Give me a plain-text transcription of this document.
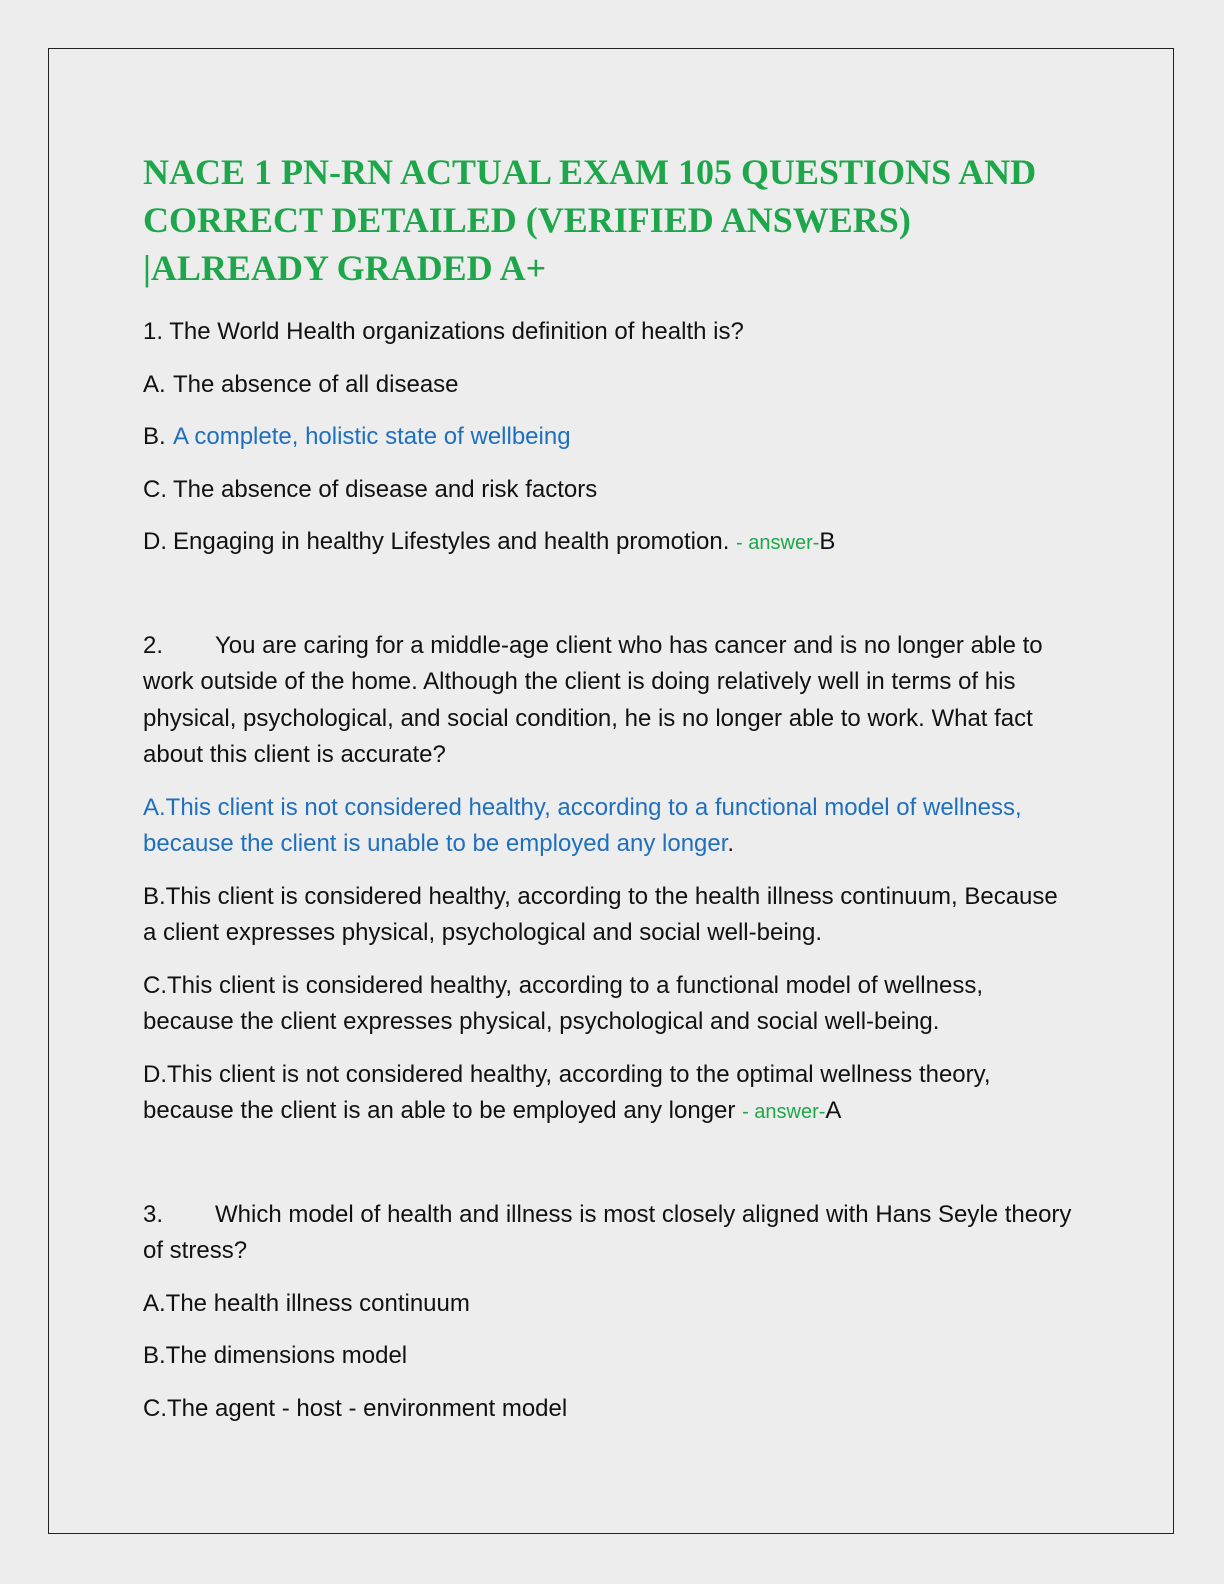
NACE 1 PN-RN ACTUAL EXAM 105 QUESTIONS AND
CORRECT DETAILED (VERIFIED ANSWERS)
|ALREADY GRADED A+

1. The World Health organizations definition of health is?

A. The absence of all disease

B. A complete, holistic state of wellbeing

C. The absence of disease and risk factors

D. Engaging in healthy Lifestyles and health promotion. - answer-B

2. You are caring for a middle-age client who has cancer and is no longer able to work outside of the home. Although the client is doing relatively well in terms of his physical, psychological, and social condition, he is no longer able to work. What fact about this client is accurate?

A.This client is not considered healthy, according to a functional model of wellness, because the client is unable to be employed any longer.

B.This client is considered healthy, according to the health illness continuum, Because a client expresses physical, psychological and social well-being.

C.This client is considered healthy, according to a functional model of wellness, because the client expresses physical, psychological and social well-being.

D.This client is not considered healthy, according to the optimal wellness theory, because the client is an able to be employed any longer - answer-A

3. Which model of health and illness is most closely aligned with Hans Seyle theory of stress?

A.The health illness continuum

B.The dimensions model

C.The agent - host - environment model
